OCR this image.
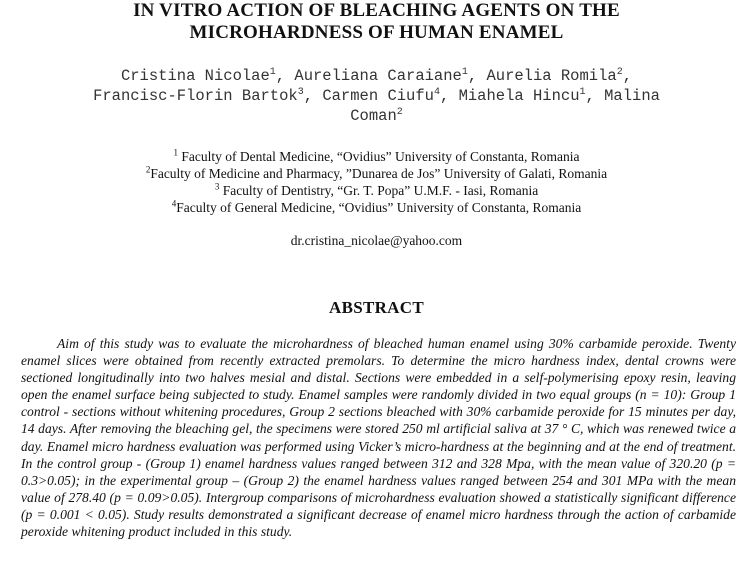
IN VITRO ACTION OF BLEACHING AGENTS ON THE
MICROHARDNESS OF HUMAN ENAMEL
Cristina Nicolae$^1$, Aureliana Caraiane$^1$, Aurelia Romila$^2$,
Francisc-Florin Bartok$^3$, Carmen Ciufu$^4$, Miahela Hincu$^1$, Malina
Coman$^2$
$^1$ Faculty of Dental Medicine, “Ovidius” University of Constanta, Romania
$^2$Faculty of Medicine and Pharmacy, ”Dunarea de Jos” University of Galati, Romania
$^3$ Faculty of Dentistry, “Gr. T. Popa” U.M.F. - Iasi, Romania
$^4$Faculty of General Medicine, “Ovidius” University of Constanta, Romania
dr.cristina_nicolae@yahoo.com
ABSTRACT

Aim of this study was to evaluate the microhardness of bleached human enamel using 30% carbamide peroxide. Twenty enamel slices were obtained from recently extracted premolars. To determine the micro hardness index, dental crowns were sectioned longitudinally into two halves mesial and distal. Sections were embedded in a self-polymerising epoxy resin, leaving open the enamel surface being subjected to study. Enamel samples were randomly divided in two equal groups (n = 10): Group 1 control - sections without whitening procedures, Group 2 sections bleached with 30% carbamide peroxide for 15 minutes per day, 14 days. After removing the bleaching gel, the specimens were stored 250 ml artificial saliva at 37 ° C, which was renewed twice a day. Enamel micro hardness evaluation was performed using Vicker’s micro-hardness at the beginning and at the end of treatment. In the control group - (Group 1) enamel hardness values ranged between 312 and 328 Mpa, with the mean value of 320.20 (p = 0.3>0.05); in the experimental group – (Group 2) the enamel hardness values ranged between 254 and 301 MPa with the mean value of 278.40 (p = 0.09>0.05). Intergroup comparisons of microhardness evaluation showed a statistically significant difference (p = 0.001 < 0.05). Study results demonstrated a significant decrease of enamel micro hardness through the action of carbamide peroxide whitening product included in this study.
